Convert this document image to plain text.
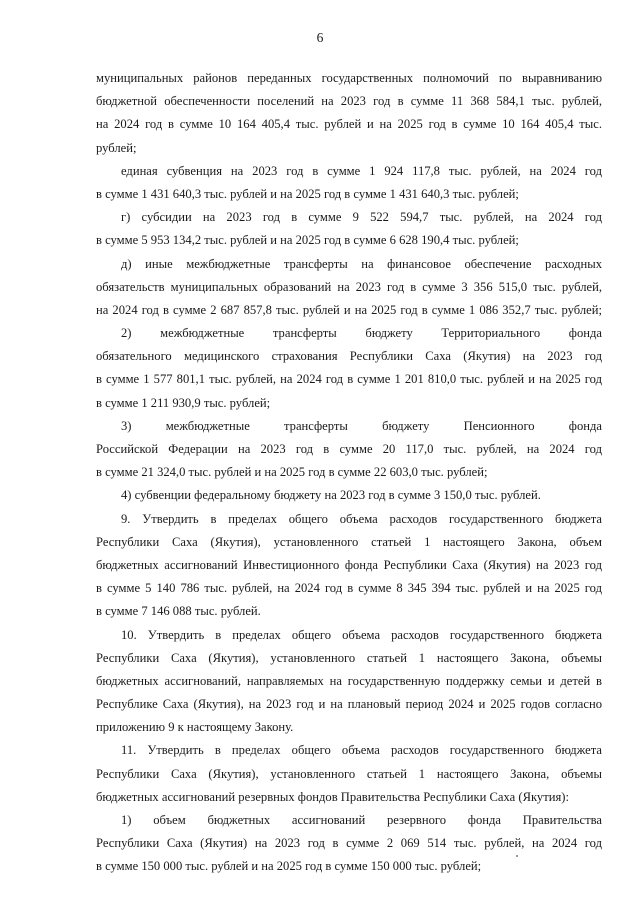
6
муниципальных районов переданных государственных полномочий по выравниванию
бюджетной обеспеченности поселений на 2023 год в сумме 11 368 584,1 тыс. рублей,
на 2024 год в сумме 10 164 405,4 тыс. рублей и на 2025 год в сумме 10 164 405,4 тыс.
рублей;
единая субвенция на 2023 год в сумме 1 924 117,8 тыс. рублей, на 2024 год
в сумме 1 431 640,3 тыс. рублей и на 2025 год в сумме 1 431 640,3 тыс. рублей;
г) субсидии на 2023 год в сумме 9 522 594,7 тыс. рублей, на 2024 год
в сумме 5 953 134,2 тыс. рублей и на 2025 год в сумме 6 628 190,4 тыс. рублей;
д) иные межбюджетные трансферты на финансовое обеспечение расходных
обязательств муниципальных образований на 2023 год в сумме 3 356 515,0 тыс. рублей,
на 2024 год в сумме 2 687 857,8 тыс. рублей и на 2025 год в сумме 1 086 352,7 тыс. рублей;
2) межбюджетные трансферты бюджету Территориального фонда
обязательного медицинского страхования Республики Саха (Якутия) на 2023 год
в сумме 1 577 801,1 тыс. рублей, на 2024 год в сумме 1 201 810,0 тыс. рублей и на 2025 год
в сумме 1 211 930,9 тыс. рублей;
3) межбюджетные трансферты бюджету Пенсионного фонда
Российской Федерации на 2023 год в сумме 20 117,0 тыс. рублей, на 2024 год
в сумме 21 324,0 тыс. рублей и на 2025 год в сумме 22 603,0 тыс. рублей;
4) субвенции федеральному бюджету на 2023 год в сумме 3 150,0 тыс. рублей.
9. Утвердить в пределах общего объема расходов государственного бюджета
Республики Саха (Якутия), установленного статьей 1 настоящего Закона, объем
бюджетных ассигнований Инвестиционного фонда Республики Саха (Якутия) на 2023 год
в сумме 5 140 786 тыс. рублей, на 2024 год в сумме 8 345 394 тыс. рублей и на 2025 год
в сумме 7 146 088 тыс. рублей.
10. Утвердить в пределах общего объема расходов государственного бюджета
Республики Саха (Якутия), установленного статьей 1 настоящего Закона, объемы
бюджетных ассигнований, направляемых на государственную поддержку семьи и детей в
Республике Саха (Якутия), на 2023 год и на плановый период 2024 и 2025 годов согласно
приложению 9 к настоящему Закону.
11. Утвердить в пределах общего объема расходов государственного бюджета
Республики Саха (Якутия), установленного статьей 1 настоящего Закона, объемы
бюджетных ассигнований резервных фондов Правительства Республики Саха (Якутия):
1) объем бюджетных ассигнований резервного фонда Правительства
Республики Саха (Якутия) на 2023 год в сумме 2 069 514 тыс. рублей, на 2024 год
в сумме 150 000 тыс. рублей и на 2025 год в сумме 150 000 тыс. рублей;
